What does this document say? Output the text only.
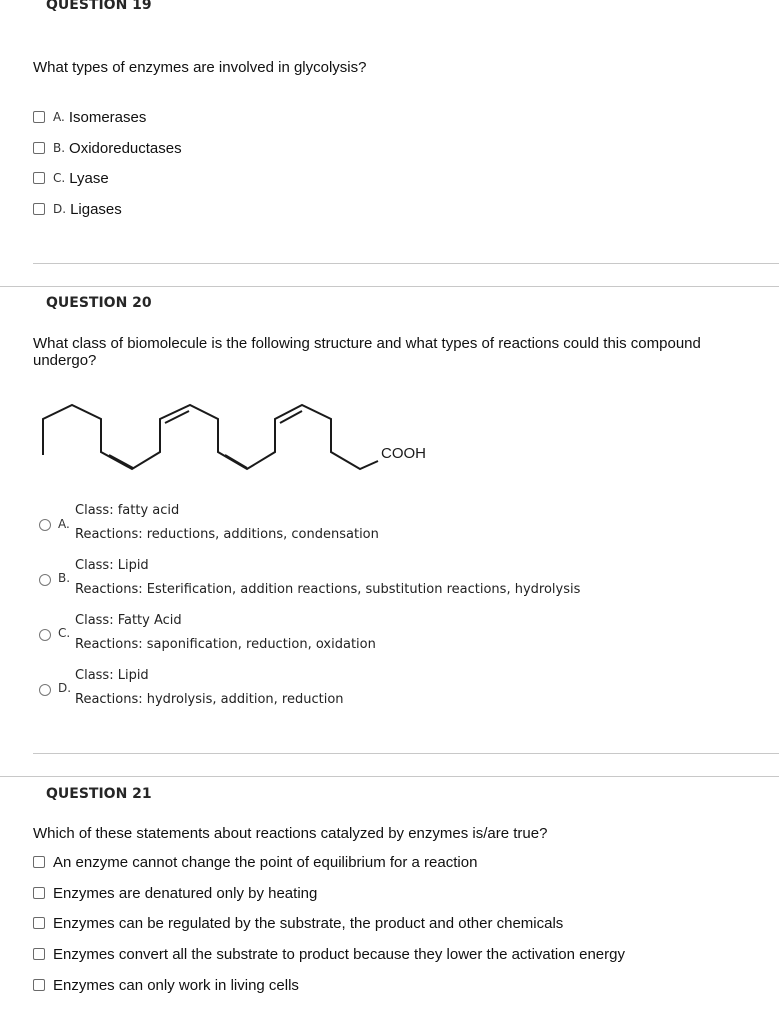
QUESTION 19
What types of enzymes are involved in glycolysis?
A. Isomerases
B. Oxidoreductases
C. Lyase
D. Ligases
QUESTION 20
What class of biomolecule is the following structure and what types of reactions could this compound undergo?
COOH
A.
Class: fatty acid
Reactions: reductions, additions, condensation
B.
Class: Lipid
Reactions: Esterification, addition reactions, substitution reactions, hydrolysis
C.
Class: Fatty Acid
Reactions: saponification, reduction, oxidation
D.
Class: Lipid
Reactions: hydrolysis, addition, reduction
QUESTION 21
Which of these statements about reactions catalyzed by enzymes is/are true?
An enzyme cannot change the point of equilibrium for a reaction
Enzymes are denatured only by heating
Enzymes can be regulated by the substrate, the product and other chemicals
Enzymes convert all the substrate to product because they lower the activation energy
Enzymes can only work in living cells
